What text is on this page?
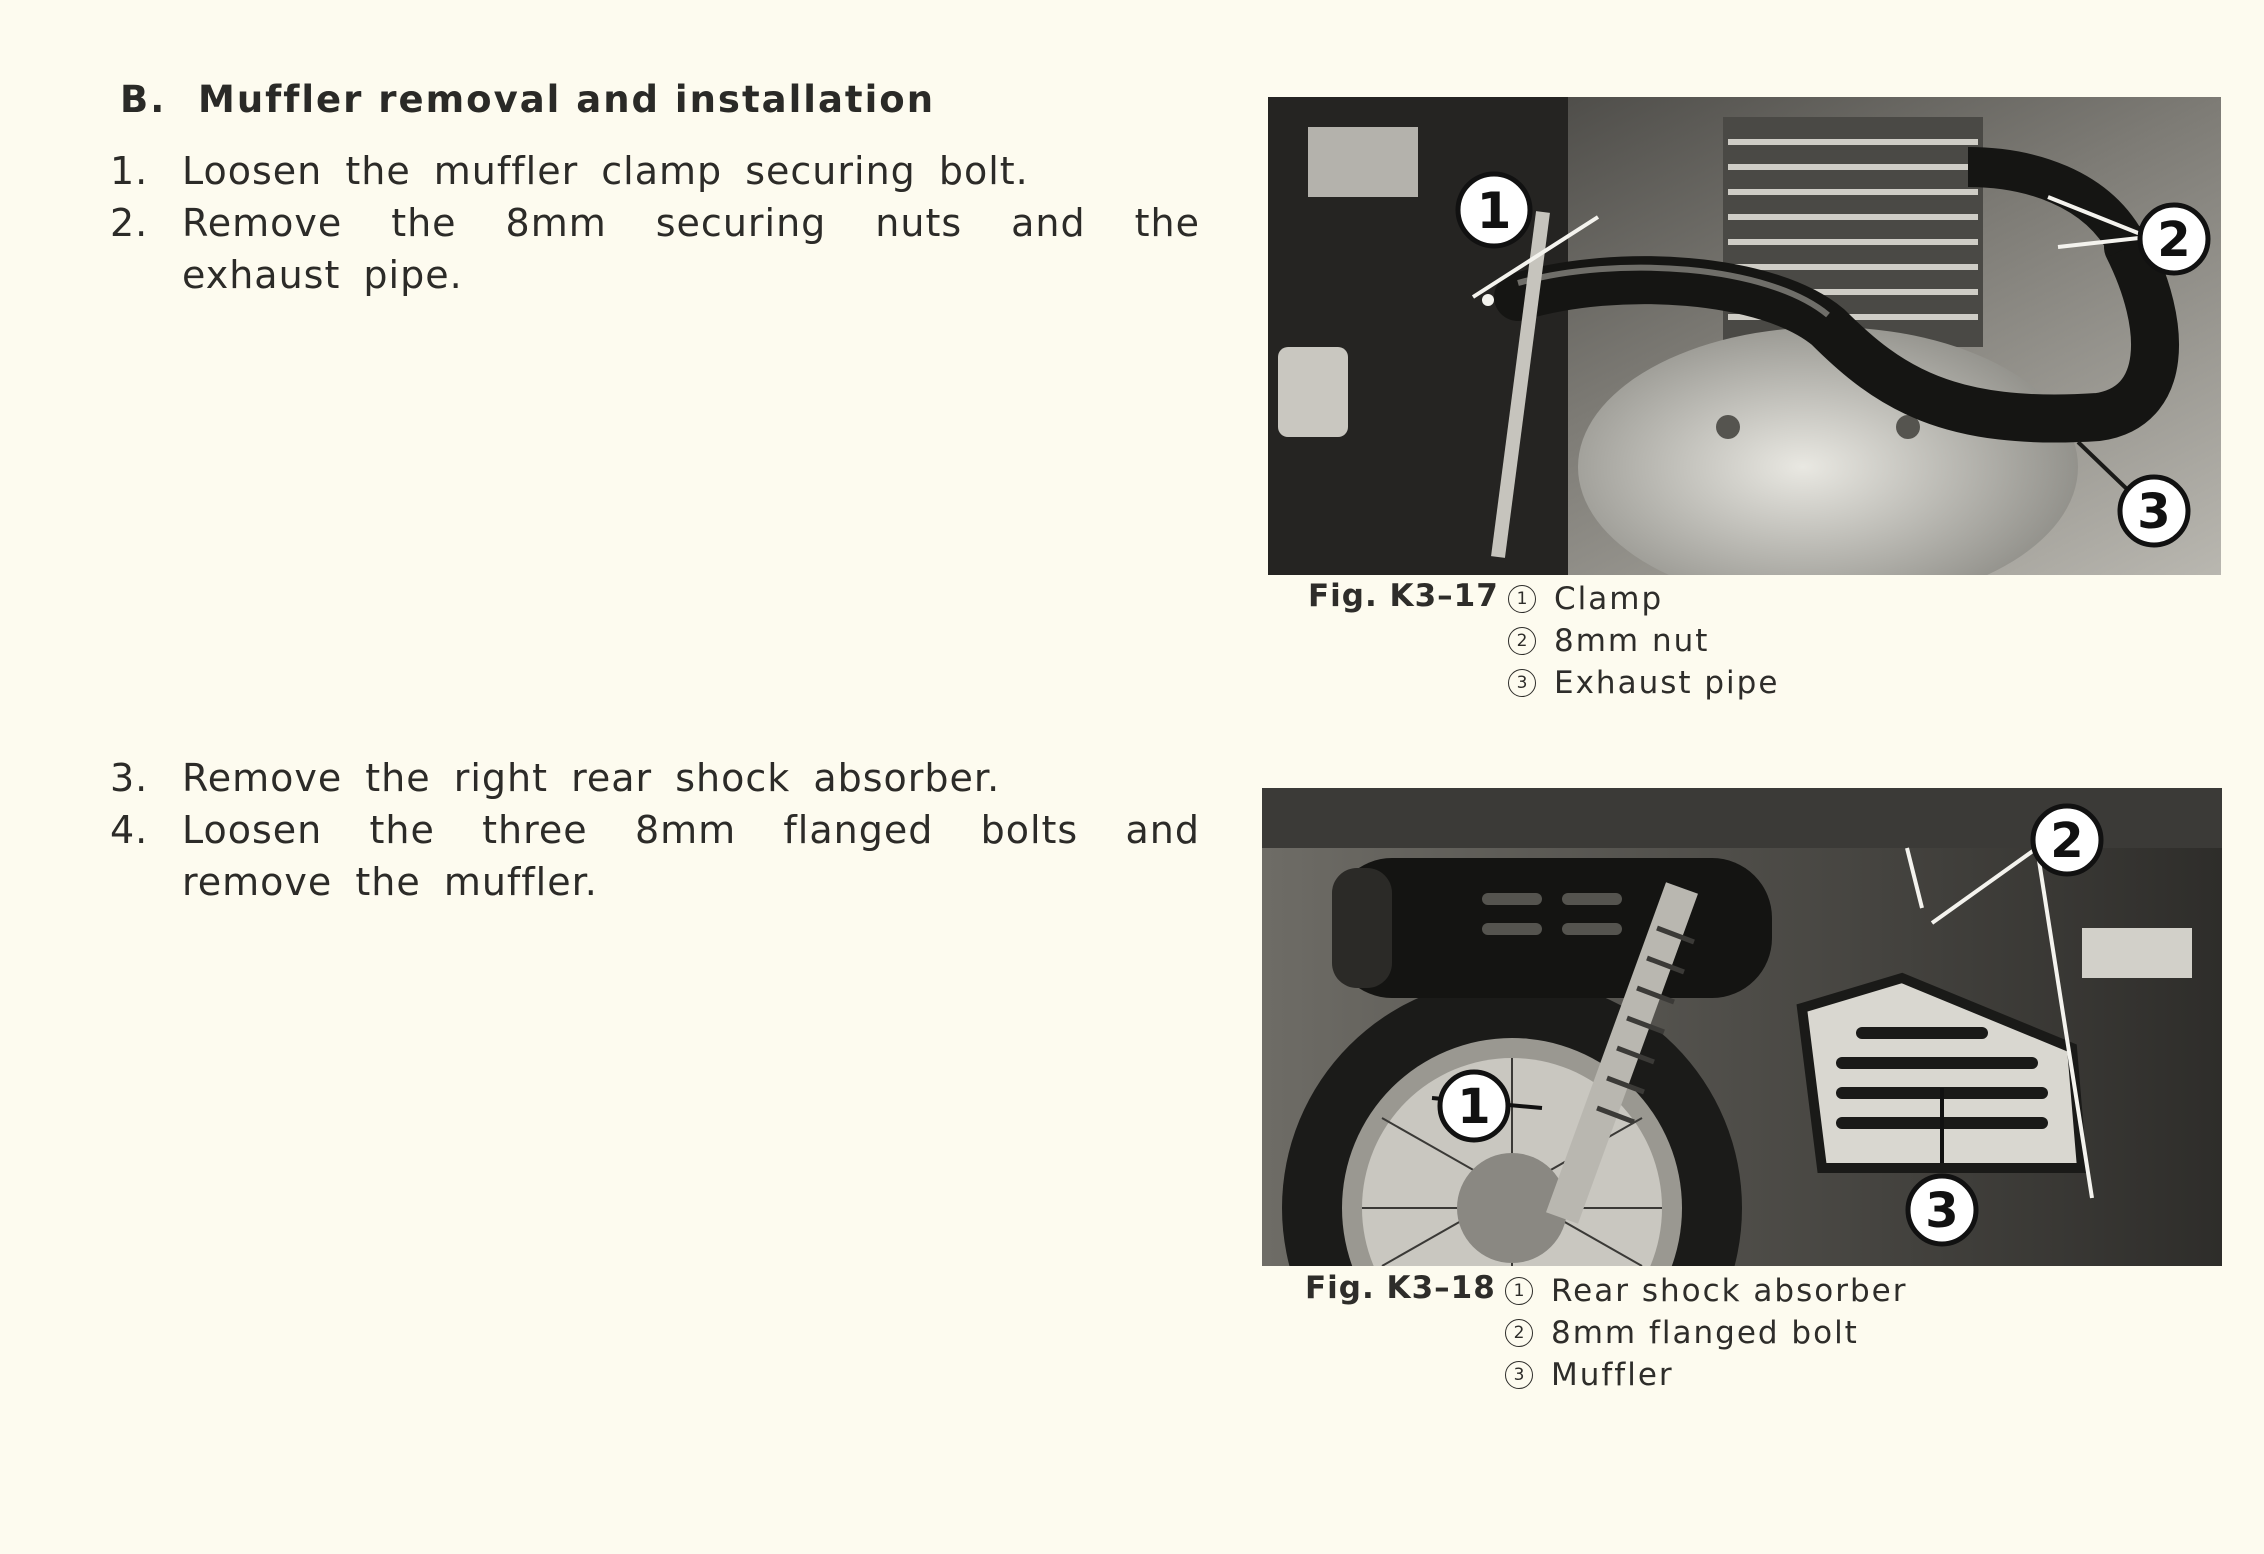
B. Muffler removal and installation
1. Loosen the muffler clamp securing bolt.
2. Remove the 8mm securing nuts and the exhaust pipe.
1	2
3
Fig. K3–17	1 Clamp
2 8mm nut
3 Exhaust pipe
3. Remove the right rear shock absorber.
4. Loosen the three 8mm flanged bolts and remove the muffler.
1
2
3
Fig. K3–18	1 Rear shock absorber
2 8mm flanged bolt
3 Muffler
